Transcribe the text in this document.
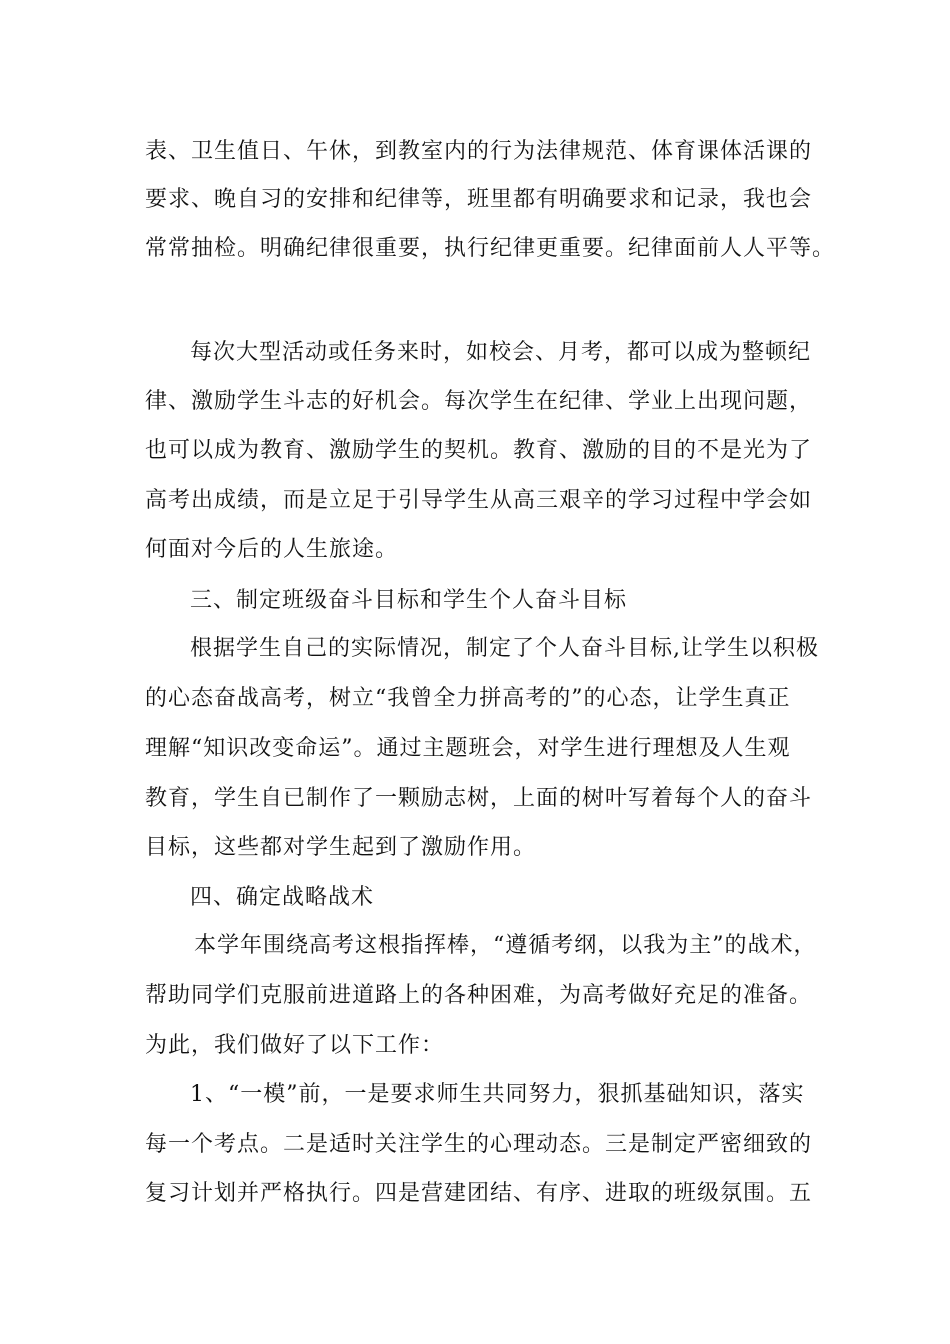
表、卫生值日、午休，到教室内的行为法律规范、体育课体活课的
要求、晚自习的安排和纪律等，班里都有明确要求和记录，我也会
常常抽检。明确纪律很重要，执行纪律更重要。纪律面前人人平等。
每次大型活动或任务来时，如校会、月考，都可以成为整顿纪
律、激励学生斗志的好机会。每次学生在纪律、学业上出现问题，
也可以成为教育、激励学生的契机。教育、激励的目的不是光为了
高考出成绩，而是立足于引导学生从高三艰辛的学习过程中学会如
何面对今后的人生旅途。
三、制定班级奋斗目标和学生个人奋斗目标
根据学生自己的实际情况，制定了个人奋斗目标,让学生以积极
的心态奋战高考，树立“我曾全力拼高考的”的心态，让学生真正
理解“知识改变命运”。通过主题班会，对学生进行理想及人生观
教育，学生自已制作了一颗励志树，上面的树叶写着每个人的奋斗
目标，这些都对学生起到了激励作用。
四、确定战略战术
本学年围绕高考这根指挥棒，“遵循考纲，以我为主”的战术，
帮助同学们克服前进道路上的各种困难，为高考做好充足的准备。
为此，我们做好了以下工作：
1、“一模”前，一是要求师生共同努力，狠抓基础知识，落实
每一个考点。二是适时关注学生的心理动态。三是制定严密细致的
复习计划并严格执行。四是营建团结、有序、进取的班级氛围。五
